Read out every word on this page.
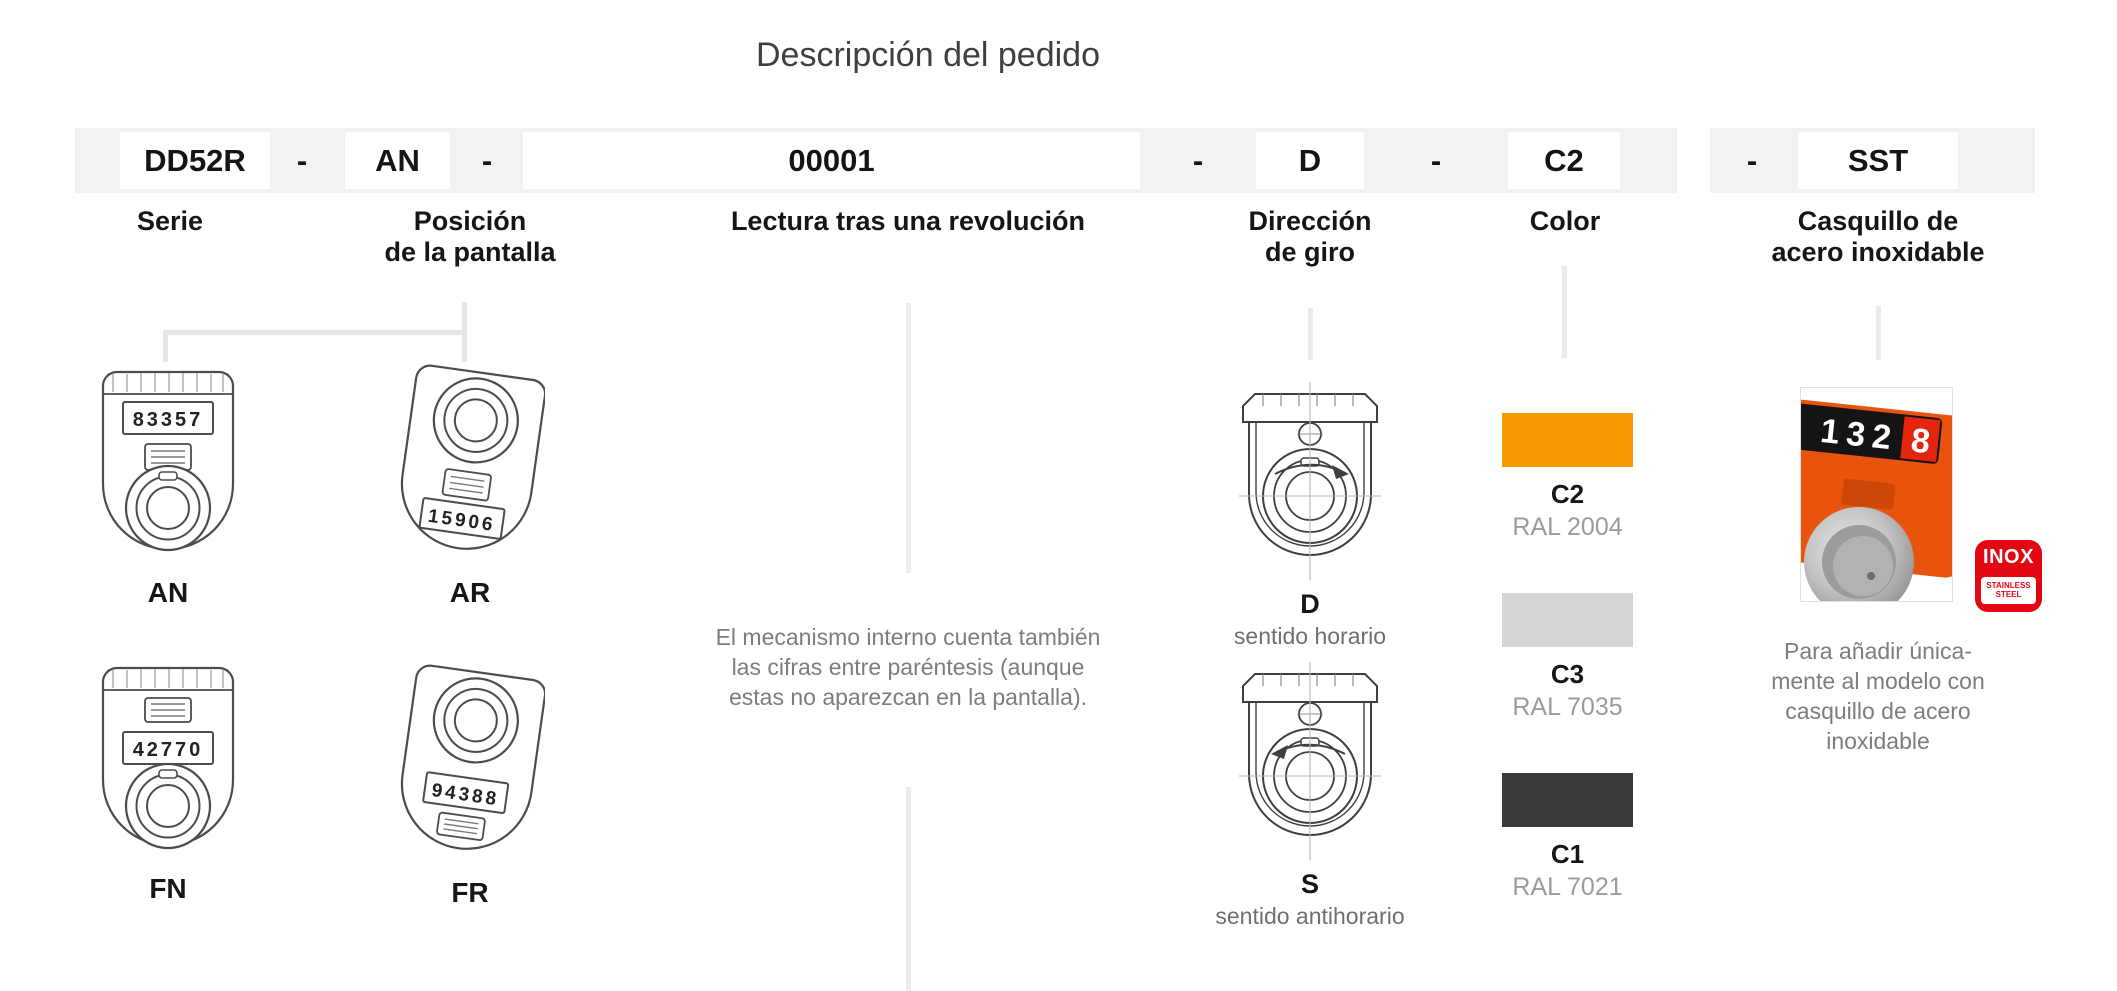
Descripción del pedido
DD52R	-	AN	-	00001	-	D	-	C2	-	SST
Serie	Posición
de la pantalla
Lectura tras una revolución	Dirección
de giro
Color	Casquillo de
acero inoxidable
83357
AN
15906
AR
42770
FN
94388
FR
El mecanismo interno cuenta también las cifras entre paréntesis (aunque estas no aparezcan en la pantalla).
D
sentido horario
S
sentido antihorario
C2
RAL 2004
C3
RAL 7035
C1
RAL 7021
132 8
INOX
STAINLESS
STEEL
Para añadir única-
mente al modelo con
casquillo de acero
inoxidable
